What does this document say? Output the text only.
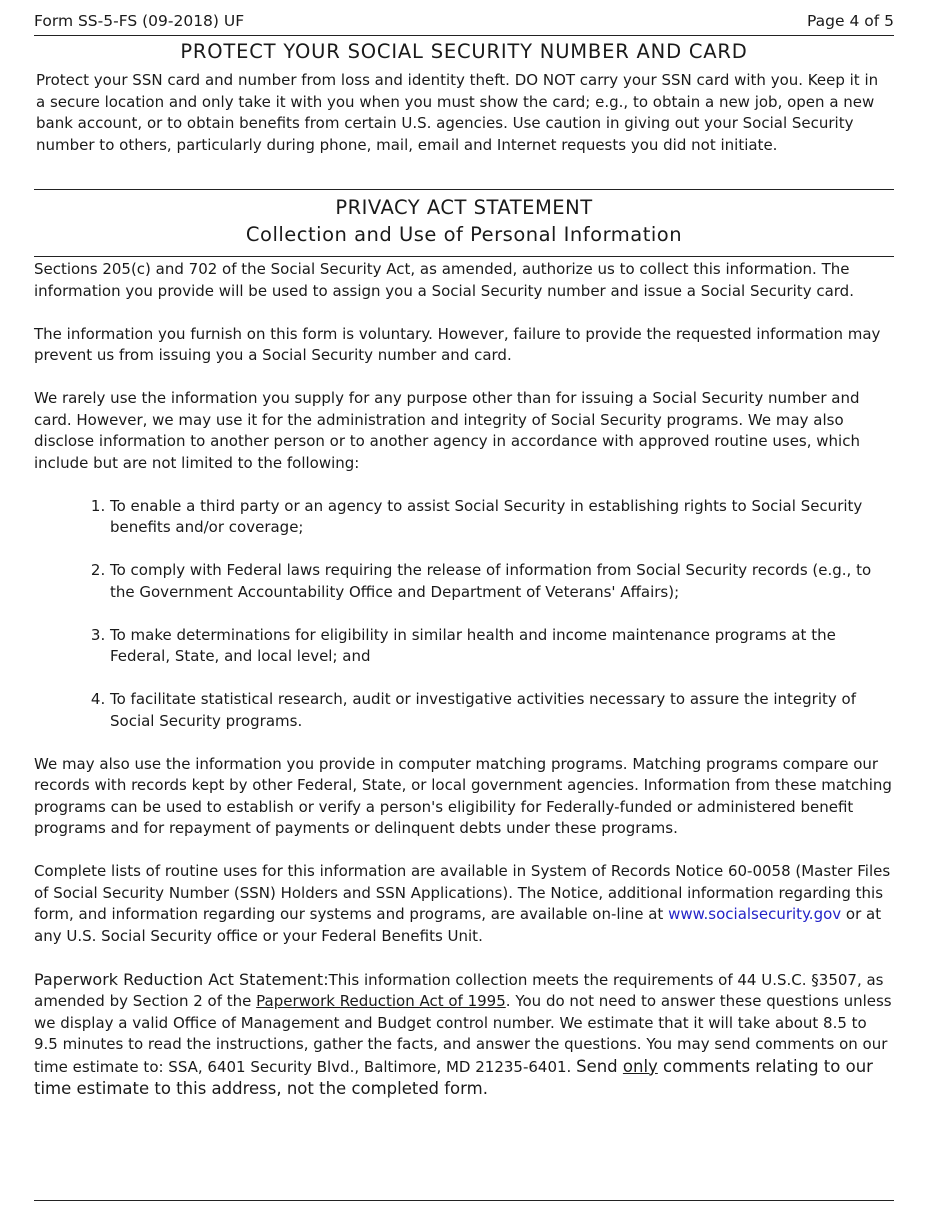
Form SS-5-FS (09-2018) UF	Page 4 of 5
PROTECT YOUR SOCIAL SECURITY NUMBER AND CARD
Protect your SSN card and number from loss and identity theft. DO NOT carry your SSN card with you. Keep it in a secure location and only take it with you when you must show the card; e.g., to obtain a new job, open a new bank account, or to obtain benefits from certain U.S. agencies. Use caution in giving out your Social Security number to others, particularly during phone, mail, email and Internet requests you did not initiate.
PRIVACY ACT STATEMENT
Collection and Use of Personal Information

Sections 205(c) and 702 of the Social Security Act, as amended, authorize us to collect this information. The information you provide will be used to assign you a Social Security number and issue a Social Security card.

The information you furnish on this form is voluntary. However, failure to provide the requested information may prevent us from issuing you a Social Security number and card.

We rarely use the information you supply for any purpose other than for issuing a Social Security number and card. However, we may use it for the administration and integrity of Social Security programs. We may also disclose information to another person or to another agency in accordance with approved routine uses, which include but are not limited to the following:

1. To enable a third party or an agency to assist Social Security in establishing rights to Social Security benefits and/or coverage;
2. To comply with Federal laws requiring the release of information from Social Security records (e.g., to the Government Accountability Office and Department of Veterans' Affairs);
3. To make determinations for eligibility in similar health and income maintenance programs at the Federal, State, and local level; and
4. To facilitate statistical research, audit or investigative activities necessary to assure the integrity of Social Security programs.

We may also use the information you provide in computer matching programs. Matching programs compare our records with records kept by other Federal, State, or local government agencies. Information from these matching programs can be used to establish or verify a person's eligibility for Federally-funded or administered benefit programs and for repayment of payments or delinquent debts under these programs.

Complete lists of routine uses for this information are available in System of Records Notice 60-0058 (Master Files of Social Security Number (SSN) Holders and SSN Applications). The Notice, additional information regarding this form, and information regarding our systems and programs, are available on-line at www.socialsecurity.gov or at any U.S. Social Security office or your Federal Benefits Unit.

Paperwork Reduction Act Statement:This information collection meets the requirements of 44 U.S.C. §3507, as amended by Section 2 of the Paperwork Reduction Act of 1995. You do not need to answer these questions unless we display a valid Office of Management and Budget control number. We estimate that it will take about 8.5 to 9.5 minutes to read the instructions, gather the facts, and answer the questions. You may send comments on our time estimate to: SSA, 6401 Security Blvd., Baltimore, MD 21235-6401. Send only comments relating to our time estimate to this address, not the completed form.
